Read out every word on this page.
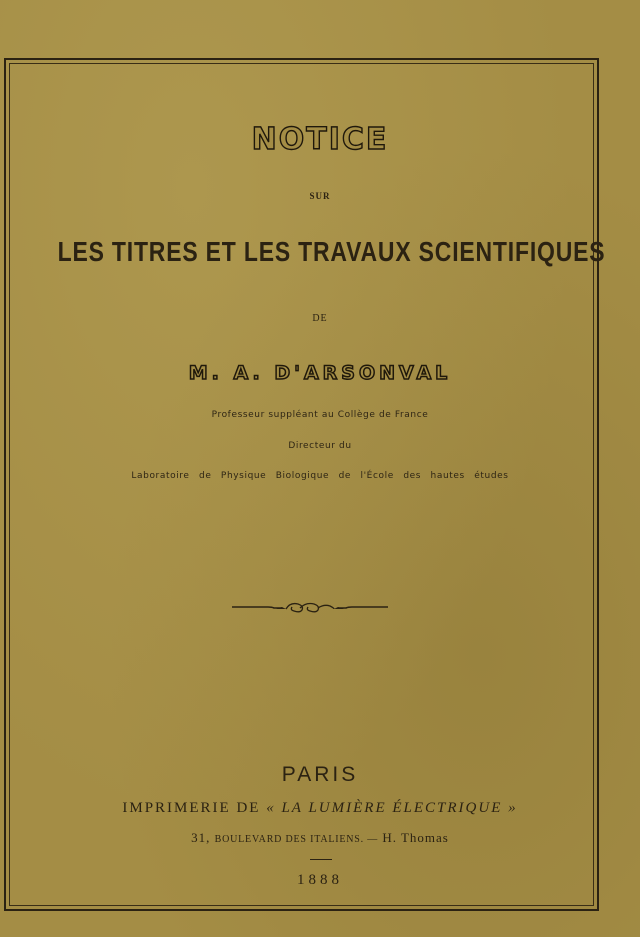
NOTICE
SUR
LES TITRES ET LES TRAVAUX SCIENTIFIQUES
DE
M. A. D'ARSONVAL
Professeur suppléant au Collège de France
Directeur du
Laboratoire de Physique Biologique de l'École des hautes études
PARIS
IMPRIMERIE DE « LA LUMIÈRE ÉLECTRIQUE »
31, BOULEVARD DES ITALIENS. — H. Thomas
1888
